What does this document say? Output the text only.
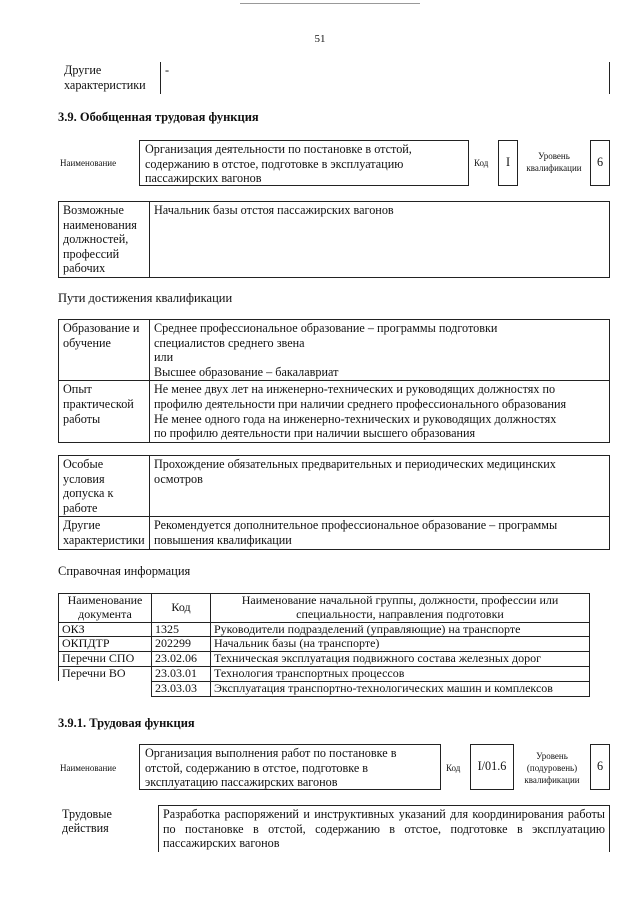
51
Другие характеристики	-
3.9. Обобщенная трудовая функция
Наименование
Организация деятельности по постановке в отстой, содержанию в отстое, подготовке в эксплуатацию пассажирских вагонов
Код	I	Уровень квалификации	6
Возможные наименования должностей, профессий рабочих	Начальник базы отстоя пассажирских вагонов
Пути достижения квалификации
Образование и обучение	Среднее профессиональное образование – программы подготовки
специалистов среднего звена
или
Высшее образование – бакалавриат

Опыт практической работы	Не менее двух лет на инженерно-технических и руководящих должностях по
профилю деятельности при наличии среднего профессионального образования
Не менее одного года на инженерно-технических и руководящих должностях
по профилю деятельности при наличии высшего образования
Особые условия допуска к работе	Прохождение обязательных предварительных и периодических медицинских осмотров
Другие характеристики	Рекомендуется дополнительное профессиональное образование – программы повышения квалификации
Справочная информация
Наименование документа	Код	Наименование начальной группы, должности, профессии или специальности, направления подготовки
ОКЗ	1325	Руководители подразделений (управляющие) на транспорте
ОКПДТР	202299	Начальник базы (на транспорте)
Перечни СПО	23.02.06	Техническая эксплуатация подвижного состава железных дорог
Перечни ВО	23.03.01	Технология транспортных процессов
	23.03.03	Эксплуатация транспортно-технологических машин и комплексов
3.9.1. Трудовая функция
Наименование
Организация выполнения работ по постановке в отстой, содержанию в отстое, подготовке в эксплуатацию пассажирских вагонов
Код	I/01.6
Уровень (подуровень) квалификации
6
Трудовые действия	Разработка распоряжений и инструктивных указаний для координирования работы по постановке в отстой, содержанию в отстое, подготовке в эксплуатацию пассажирских вагонов
